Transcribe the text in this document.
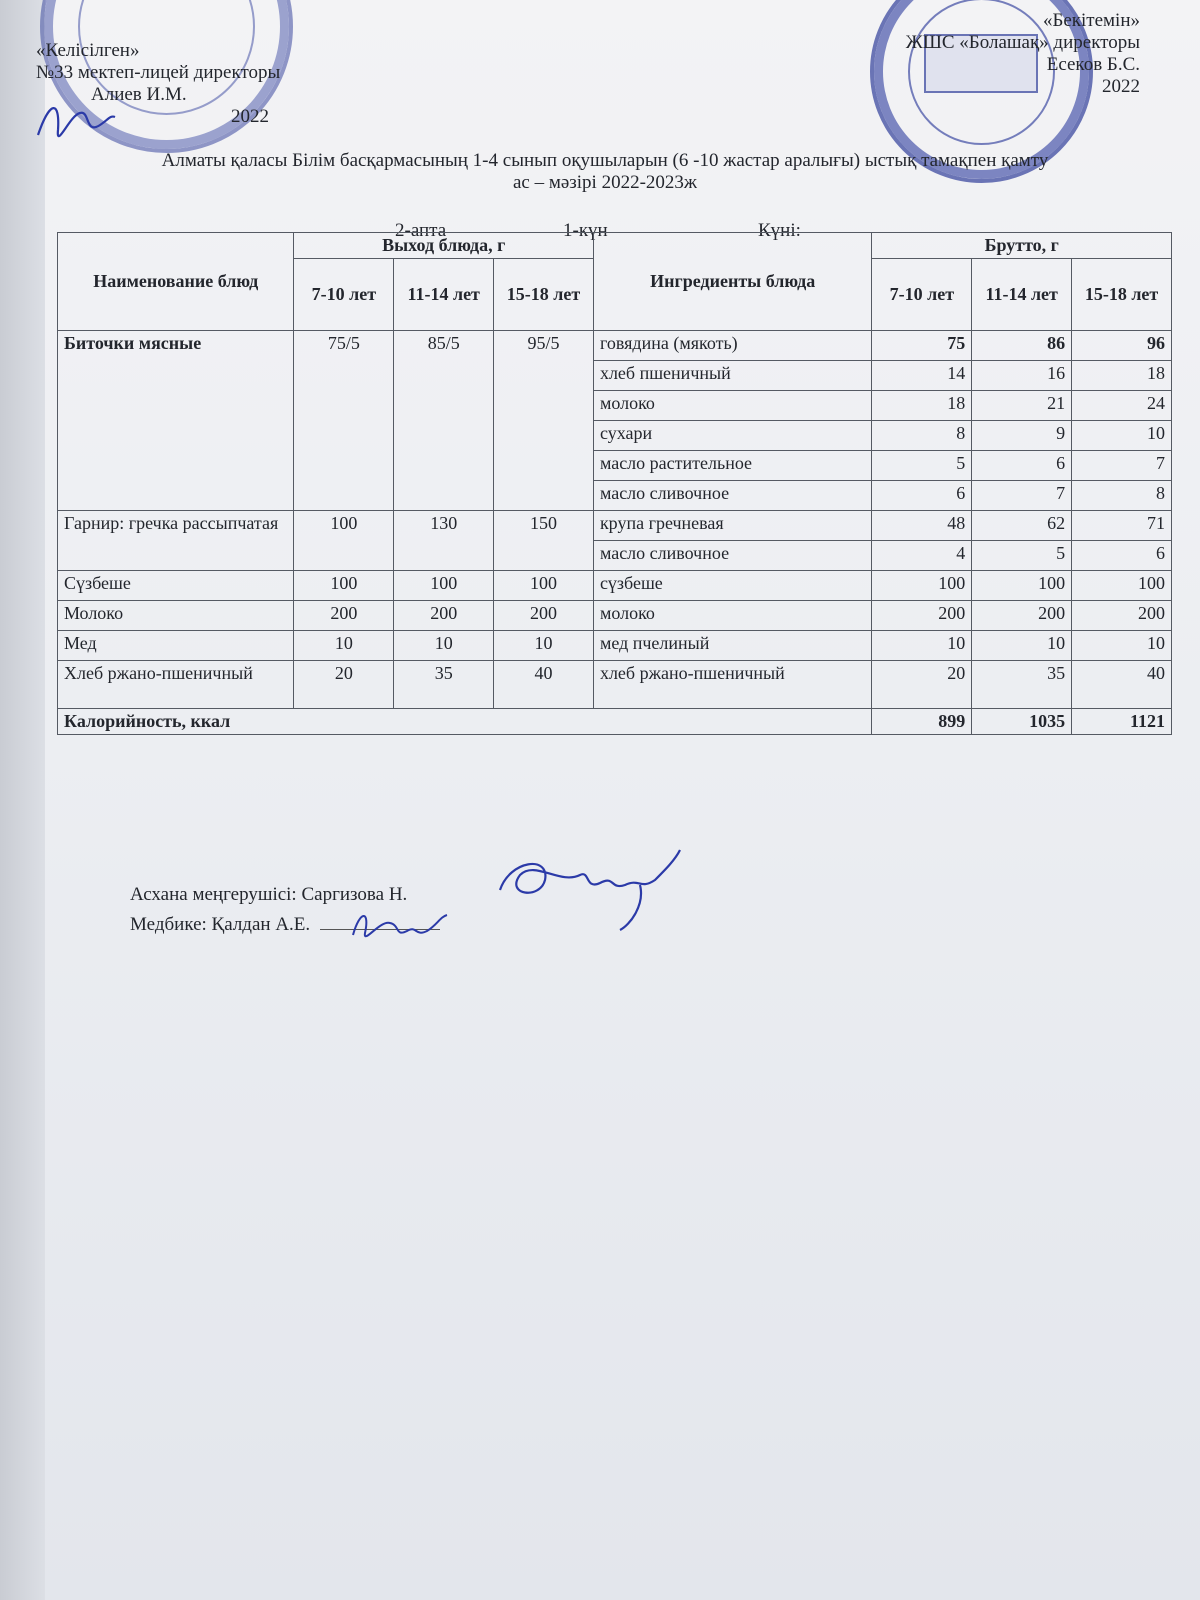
«Келісілген»
№33 мектеп-лицей директоры
Алиев И.М.
2022
«Бекітемін»
ЖШС «Болашақ» директоры
Есеков Б.С.
2022
Алматы қаласы Білім басқармасының 1-4 сынып оқушыларын (6 -10 жастар аралығы) ыстық тамақпен қамту
ас – мәзірі 2022-2023ж
2-апта	1-күн	Күні:
Наименование блюд	Выход блюда, г			Ингредиенты блюда	Брутто, г		
	7-10 лет	11-14 лет	15-18 лет		7-10 лет	11-14 лет	15-18 лет
Биточки мясные	75/5	85/5	95/5	говядина (мякоть)	75	86	96
				хлеб пшеничный	14	16	18
				молоко	18	21	24
				сухари	8	9	10
				масло растительное	5	6	7
				масло сливочное	6	7	8
Гарнир: гречка рассыпчатая	100	130	150	крупа гречневая	48	62	71
				масло сливочное	4	5	6
Сүзбеше	100	100	100	сүзбеше	100	100	100
Молоко	200	200	200	молоко	200	200	200
Мед	10	10	10	мед пчелиный	10	10	10
Хлеб ржано-пшеничный	20	35	40	хлеб ржано-пшеничный	20	35	40
Калорийность, ккал					899	1035	1121
Асхана меңгерушісі: Саргизова Н.
Медбике: Қалдан А.Е.
